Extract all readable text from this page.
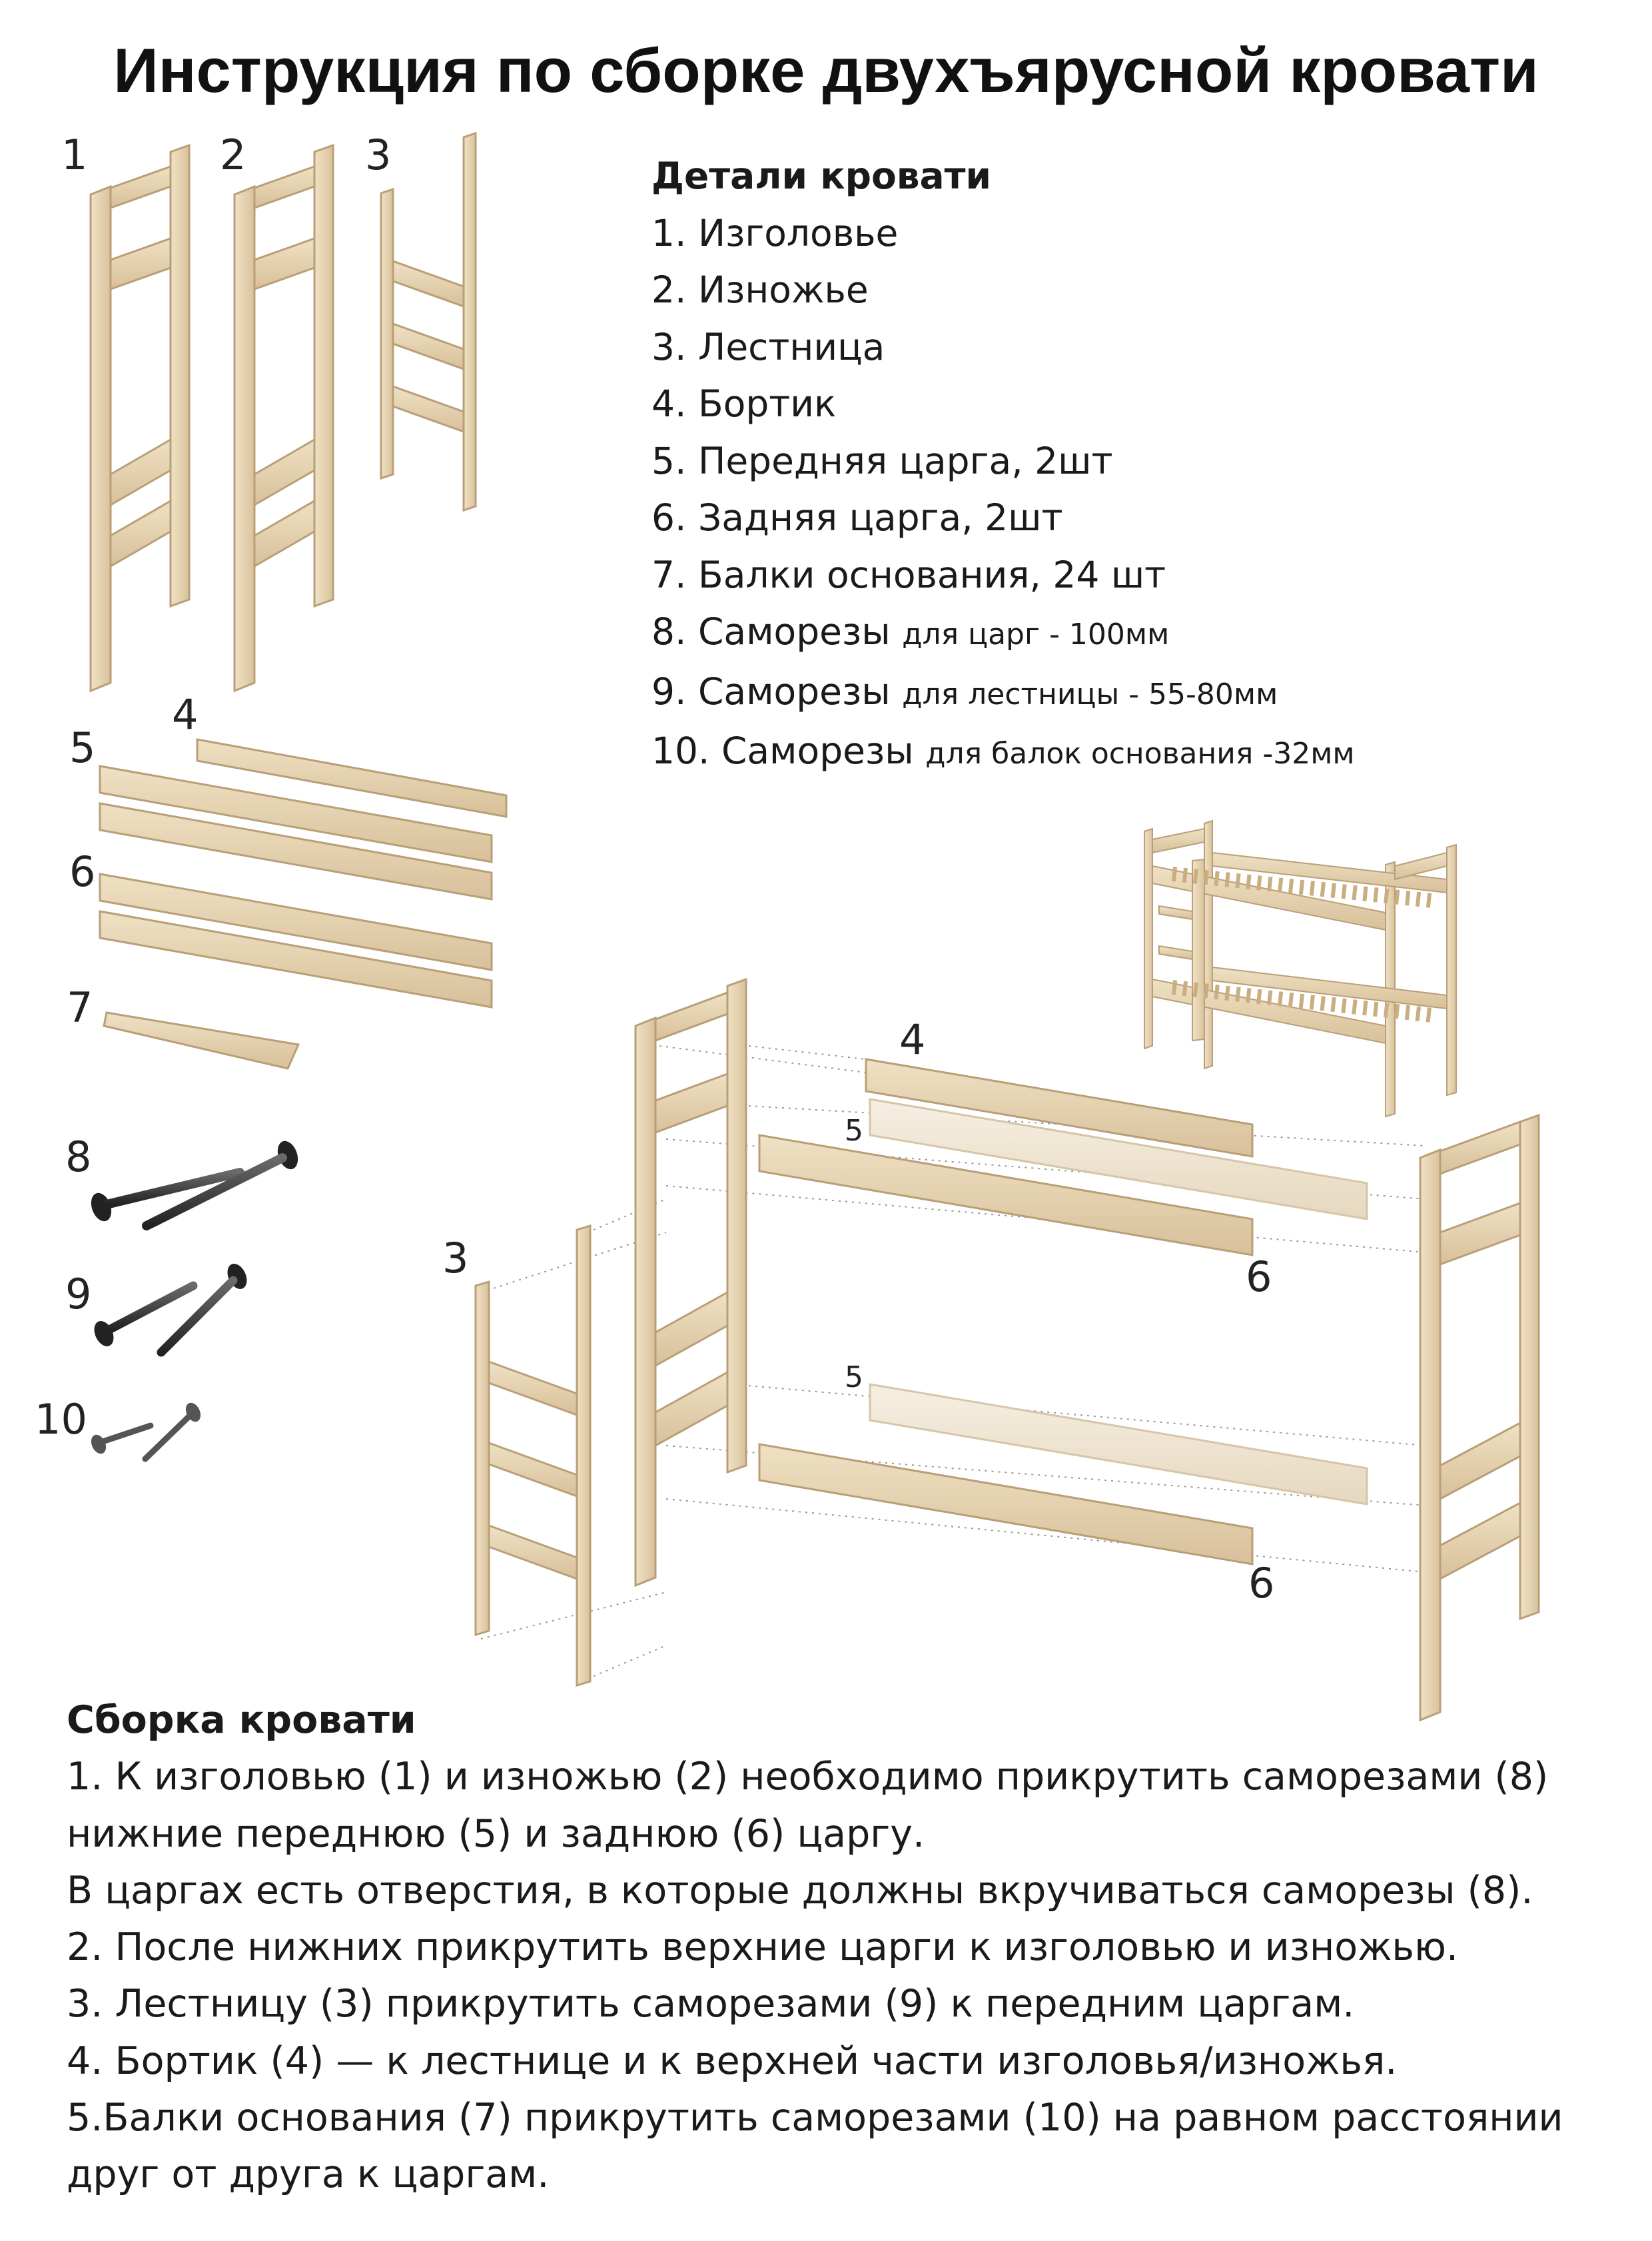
Инструкция по сборке двухъярусной кровати
1	2	3
4
5
6
7
8
9
10
3
4
5
6
5
6
Детали кровати
1. Изголовье
2. Изножье
3. Лестница
4. Бортик
5. Передняя царга, 2шт
6. Задняя царга, 2шт
7. Балки основания, 24 шт
8. Саморезы для царг - 100мм
9. Саморезы для лестницы - 55-80мм
10. Саморезы для балок основания -32мм
Сборка кровати
1. К изголовью (1) и изножью (2) необходимо прикрутить саморезами (8)
нижние переднюю (5) и заднюю (6) царгу.
В царгах есть отверстия, в которые должны вкручиваться саморезы (8).
2. После нижних прикрутить верхние царги к изголовью и изножью.
3. Лестницу (3) прикрутить саморезами (9) к передним царгам.
4. Бортик (4) — к лестнице и к верхней части изголовья/изножья.
5.Балки основания (7) прикрутить саморезами (10) на равном расстоянии
друг от друга к царгам.
